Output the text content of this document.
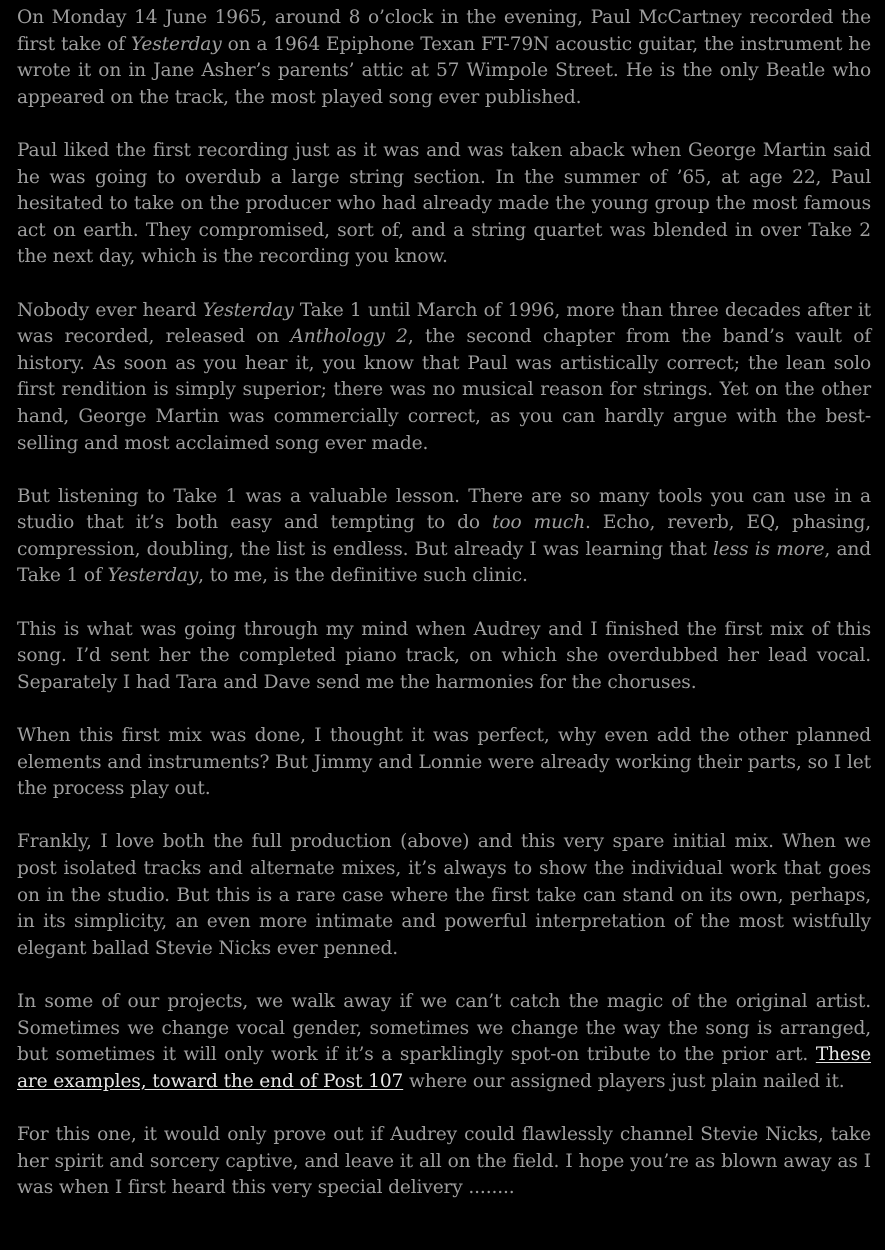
On Monday 14 June 1965, around 8 o’clock in the evening, Paul McCartney recorded the first take of Yesterday on a 1964 Epiphone Texan FT-79N acoustic guitar, the instrument he wrote it on in Jane Asher’s parents’ attic at 57 Wimpole Street. He is the only Beatle who appeared on the track, the most played song ever published.

Paul liked the first recording just as it was and was taken aback when George Martin said he was going to overdub a large string section. In the summer of ’65, at age 22, Paul hesitated to take on the producer who had already made the young group the most famous act on earth. They compromised, sort of, and a string quartet was blended in over Take 2 the next day, which is the recording you know.

Nobody ever heard Yesterday Take 1 until March of 1996, more than three decades after it was recorded, released on Anthology 2, the second chapter from the band’s vault of history. As soon as you hear it, you know that Paul was artistically correct; the lean solo first rendition is simply superior; there was no musical reason for strings. Yet on the other hand, George Martin was commercially correct, as you can hardly argue with the best-selling and most acclaimed song ever made.

But listening to Take 1 was a valuable lesson. There are so many tools you can use in a studio that it’s both easy and tempting to do too much. Echo, reverb, EQ, phasing, compression, doubling, the list is endless. But already I was learning that less is more, and Take 1 of Yesterday, to me, is the definitive such clinic.

This is what was going through my mind when Audrey and I finished the first mix of this song. I’d sent her the completed piano track, on which she overdubbed her lead vocal. Separately I had Tara and Dave send me the harmonies for the choruses.

When this first mix was done, I thought it was perfect, why even add the other planned elements and instruments? But Jimmy and Lonnie were already working their parts, so I let the process play out.

Frankly, I love both the full production (above) and this very spare initial mix. When we post isolated tracks and alternate mixes, it’s always to show the individual work that goes on in the studio. But this is a rare case where the first take can stand on its own, perhaps, in its simplicity, an even more intimate and powerful interpretation of the most wistfully elegant ballad Stevie Nicks ever penned.

In some of our projects, we walk away if we can’t catch the magic of the original artist. Sometimes we change vocal gender, sometimes we change the way the song is arranged, but sometimes it will only work if it’s a sparklingly spot-on tribute to the prior art. These are examples, toward the end of Post 107 where our assigned players just plain nailed it.

For this one, it would only prove out if Audrey could flawlessly channel Stevie Nicks, take her spirit and sorcery captive, and leave it all on the field. I hope you’re as blown away as I was when I first heard this very special delivery ........
